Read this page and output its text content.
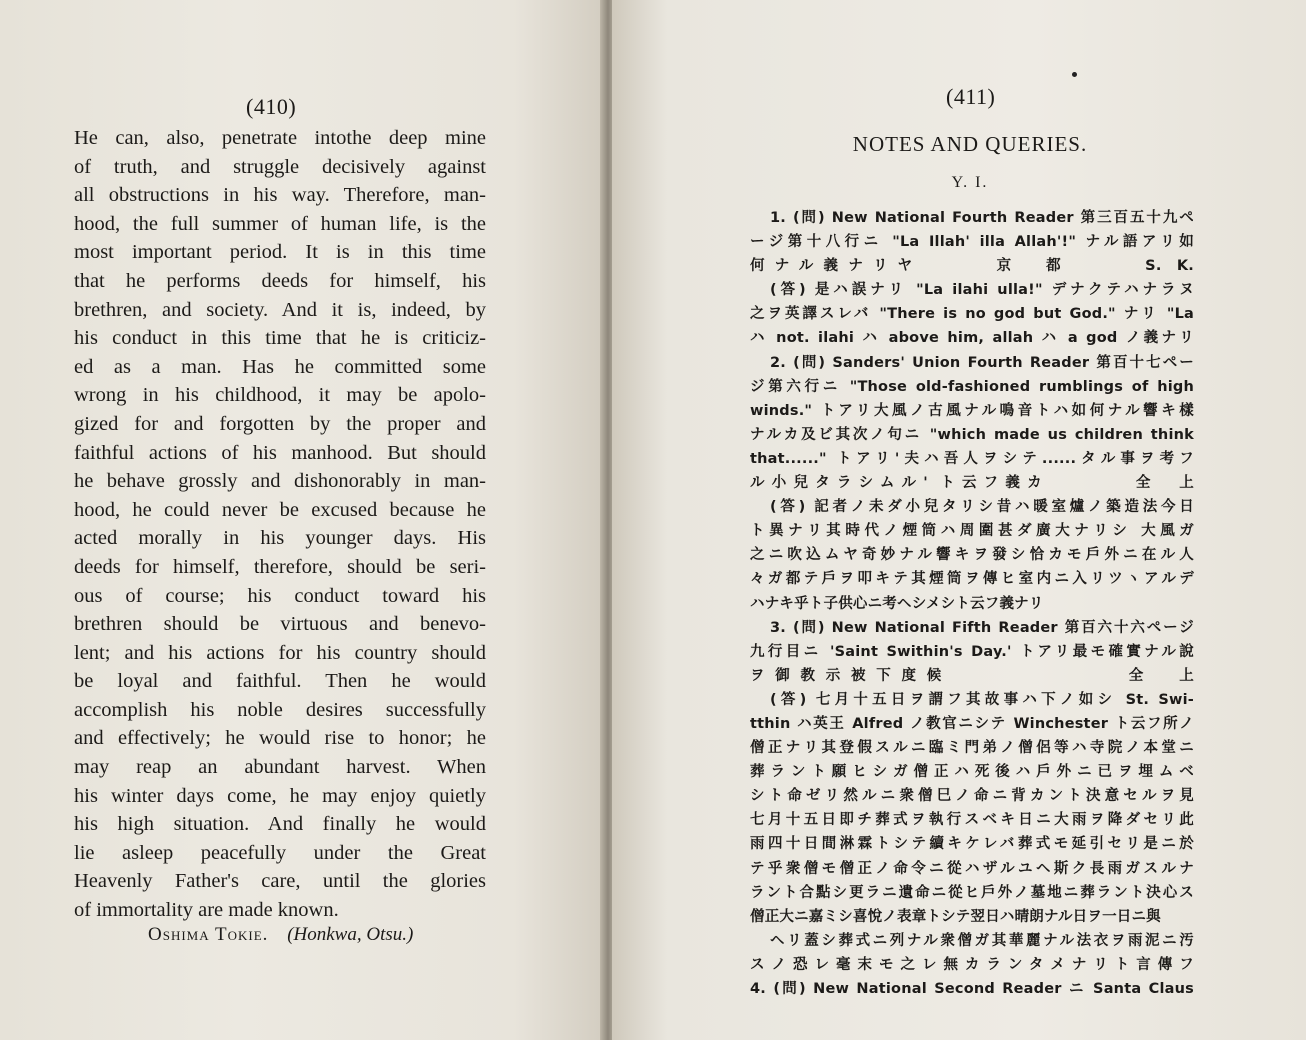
(410)
He can, also, penetrate intothe deep mine
of truth, and struggle decisively against
all obstructions in his way. Therefore, man-
hood, the full summer of human life, is the
most important period. It is in this time
that he performs deeds for himself, his
brethren, and society. And it is, indeed, by
his conduct in this time that he is criticiz-
ed as a man. Has he committed some
wrong in his childhood, it may be apolo-
gized for and forgotten by the proper and
faithful actions of his manhood. But should
he behave grossly and dishonorably in man-
hood, he could never be excused because he
acted morally in his younger days. His
deeds for himself, therefore, should be seri-
ous of course; his conduct toward his
brethren should be virtuous and benevo-
lent; and his actions for his country should
be loyal and faithful. Then he would
accomplish his noble desires successfully
and effectively; he would rise to honor; he
may reap an abundant harvest. When
his winter days come, he may enjoy quietly
his high situation. And finally he would
lie asleep peacefully under the Great
Heavenly Father's care, until the glories
of immortality are made known.
Oshima Tokie. (Honkwa, Otsu.)
(411)
NOTES AND QUERIES.
Y. I.
1. (問) New National Fourth Reader 第三百五十九ペ
ージ第十八行ニ "La Illah' illa Allah'!" ナル語アリ如
何ナル義ナリヤ　　　京　都　　　S. K.
(答) 是ハ誤ナリ "La ilahi ulla!" デナクテハナラヌ
之ヲ英譯スレバ "There is no god but God." ナリ "La
ハ not. ilahi ハ above him, allah ハ a god ノ義ナリ
2. (問) Sanders' Union Fourth Reader 第百十七ペー
ジ第六行ニ "Those old-fashioned rumblings of high
winds." トアリ大風ノ古風ナル鳴音トハ如何ナル響キ樣
ナルカ及ビ其次ノ句ニ "which made us children think
that......" トアリ'夫ハ吾人ヲシテ......タル事ヲ考フ
ル小兒タラシムル' ト云フ義カ　　　　全　上
(答) 記者ノ未ダ小兒タリシ昔ハ暖室爐ノ築造法今日
ト異ナリ其時代ノ煙筒ハ周圍甚ダ廣大ナリシ 大風ガ
之ニ吹込ムヤ奇妙ナル響キヲ發シ恰カモ戶外ニ在ル人
々ガ都テ戶ヲ叩キテ其煙筒ヲ傳ヒ室内ニ入リツヽアルデ
ハナキ乎ト子供心ニ考ヘシメシト云フ義ナリ
3. (問) New National Fifth Reader 第百六十六ページ
九行目ニ 'Saint Swithin's Day.' トアリ最モ確實ナル說
ヲ御教示被下度候　　　　　　　全　上
(答) 七月十五日ヲ謂フ其故事ハ下ノ如シ St. Swi-
tthin ハ英王 Alfred ノ教官ニシテ Winchester ト云フ所ノ
僧正ナリ其登假スルニ臨ミ門弟ノ僧侶等ハ寺院ノ本堂ニ
葬ラント願ヒシガ僧正ハ死後ハ戶外ニ已ヲ埋ムベ
シト命ゼリ然ルニ衆僧巳ノ命ニ背カント決意セルヲ見
七月十五日即チ葬式ヲ執行スベキ日ニ大雨ヲ降ダセリ此
雨四十日間淋霖トシテ續キケレバ葬式モ延引セリ是ニ於
テ乎衆僧モ僧正ノ命令ニ從ハザルユヘ斯ク長雨ガスルナ
ラント合點シ更ラニ遺命ニ從ヒ戶外ノ墓地ニ葬ラント決心ス
僧正大ニ嘉ミシ喜悅ノ表章トシテ翌日ハ晴朗ナル日ヲ一日ニ與
ヘリ蓋シ葬式ニ列ナル衆僧ガ其華麗ナル法衣ヲ雨泥ニ汚
スノ恐レ毫末モ之レ無カランタメナリト言傳フ
4. (問) New National Second Reader ニ Santa Claus
